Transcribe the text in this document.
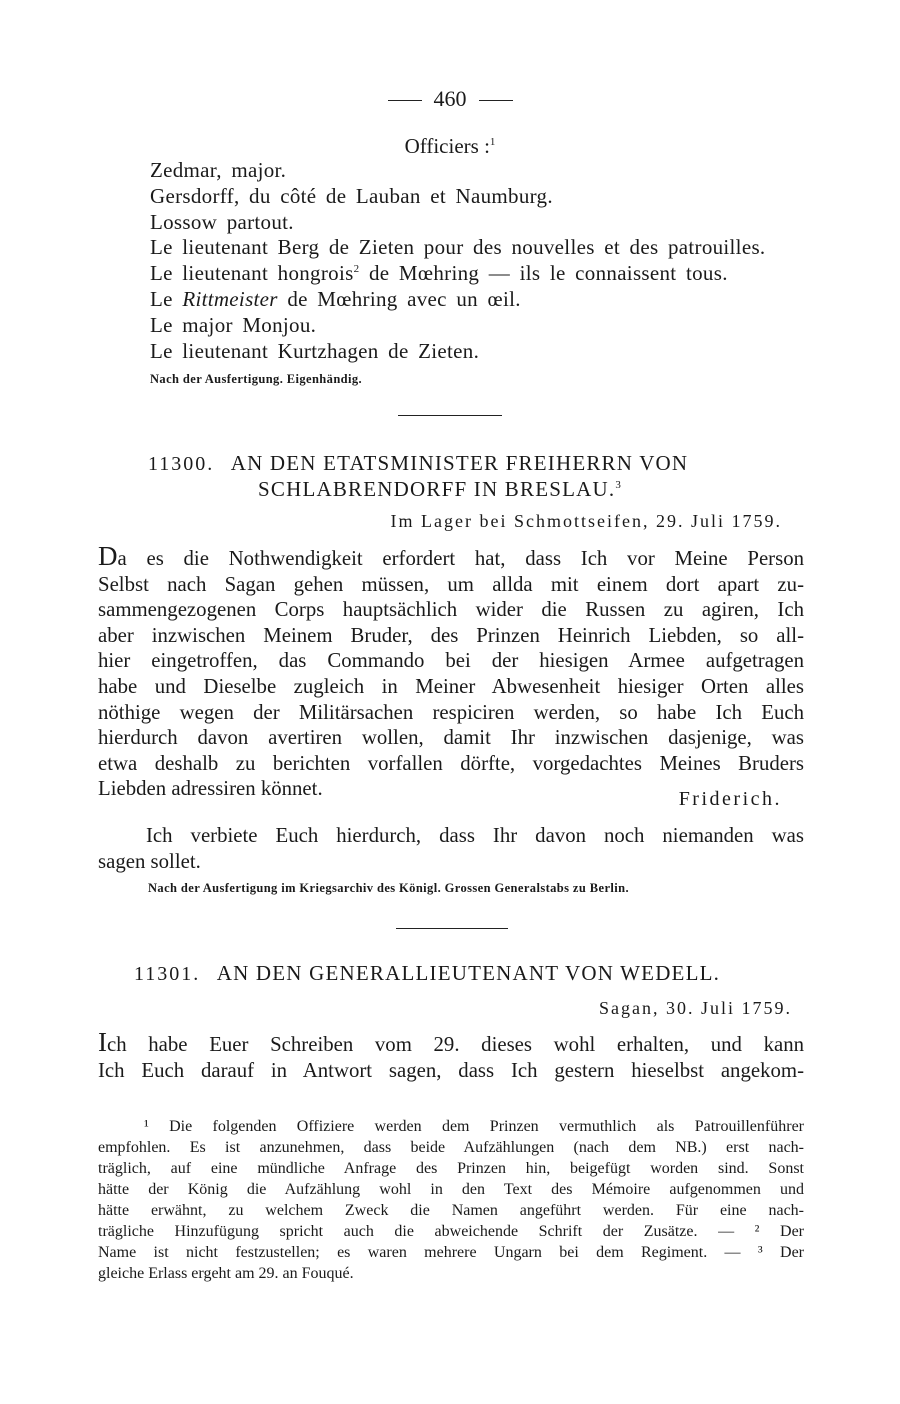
460
Officiers :$^1$
Zedmar, major.
Gersdorff, du côté de Lauban et Naumburg.
Lossow partout.
Le lieutenant Berg de Zieten pour des nouvelles et des patrouilles.
Le lieutenant hongrois$^2$ de Mœhring — ils le connaissent tous.
Le Rittmeister de Mœhring avec un œil.
Le major Monjou.
Le lieutenant Kurtzhagen de Zieten.
Nach der Ausfertigung. Eigenhändig.
11300. AN DEN ETATSMINISTER FREIHERRN VON
SCHLABRENDORFF IN BRESLAU.$^3$
Im Lager bei Schmottseifen, 29. Juli 1759.

Da es die Nothwendigkeit erfordert hat, dass Ich vor Meine Person

Selbst nach Sagan gehen müssen, um allda mit einem dort apart zu-

sammengezogenen Corps hauptsächlich wider die Russen zu agiren, Ich

aber inzwischen Meinem Bruder, des Prinzen Heinrich Liebden, so all-

hier eingetroffen, das Commando bei der hiesigen Armee aufgetragen

habe und Dieselbe zugleich in Meiner Abwesenheit hiesiger Orten alles

nöthige wegen der Militärsachen respiciren werden, so habe Ich Euch

hierdurch davon avertiren wollen, damit Ihr inzwischen dasjenige, was

etwa deshalb zu berichten vorfallen dörfte, vorgedachtes Meines Bruders

Liebden adressiren könnet.	Friderich.

Ich verbiete Euch hierdurch, dass Ihr davon noch niemanden was

sagen sollet.

Nach der Ausfertigung im Kriegsarchiv des Königl. Grossen Generalstabs zu Berlin.
11301. AN DEN GENERALLIEUTENANT VON WEDELL.
Sagan, 30. Juli 1759.

Ich habe Euer Schreiben vom 29. dieses wohl erhalten, und kann

Ich Euch darauf in Antwort sagen, dass Ich gestern hieselbst angekom-

¹ Die folgenden Offiziere werden dem Prinzen vermuthlich als Patrouillenführer

empfohlen. Es ist anzunehmen, dass beide Aufzählungen (nach dem NB.) erst nach-

träglich, auf eine mündliche Anfrage des Prinzen hin, beigefügt worden sind. Sonst

hätte der König die Aufzählung wohl in den Text des Mémoire aufgenommen und

hätte erwähnt, zu welchem Zweck die Namen angeführt werden. Für eine nach-

trägliche Hinzufügung spricht auch die abweichende Schrift der Zusätze. — ² Der

Name ist nicht festzustellen; es waren mehrere Ungarn bei dem Regiment. — ³ Der

gleiche Erlass ergeht am 29. an Fouqué.
